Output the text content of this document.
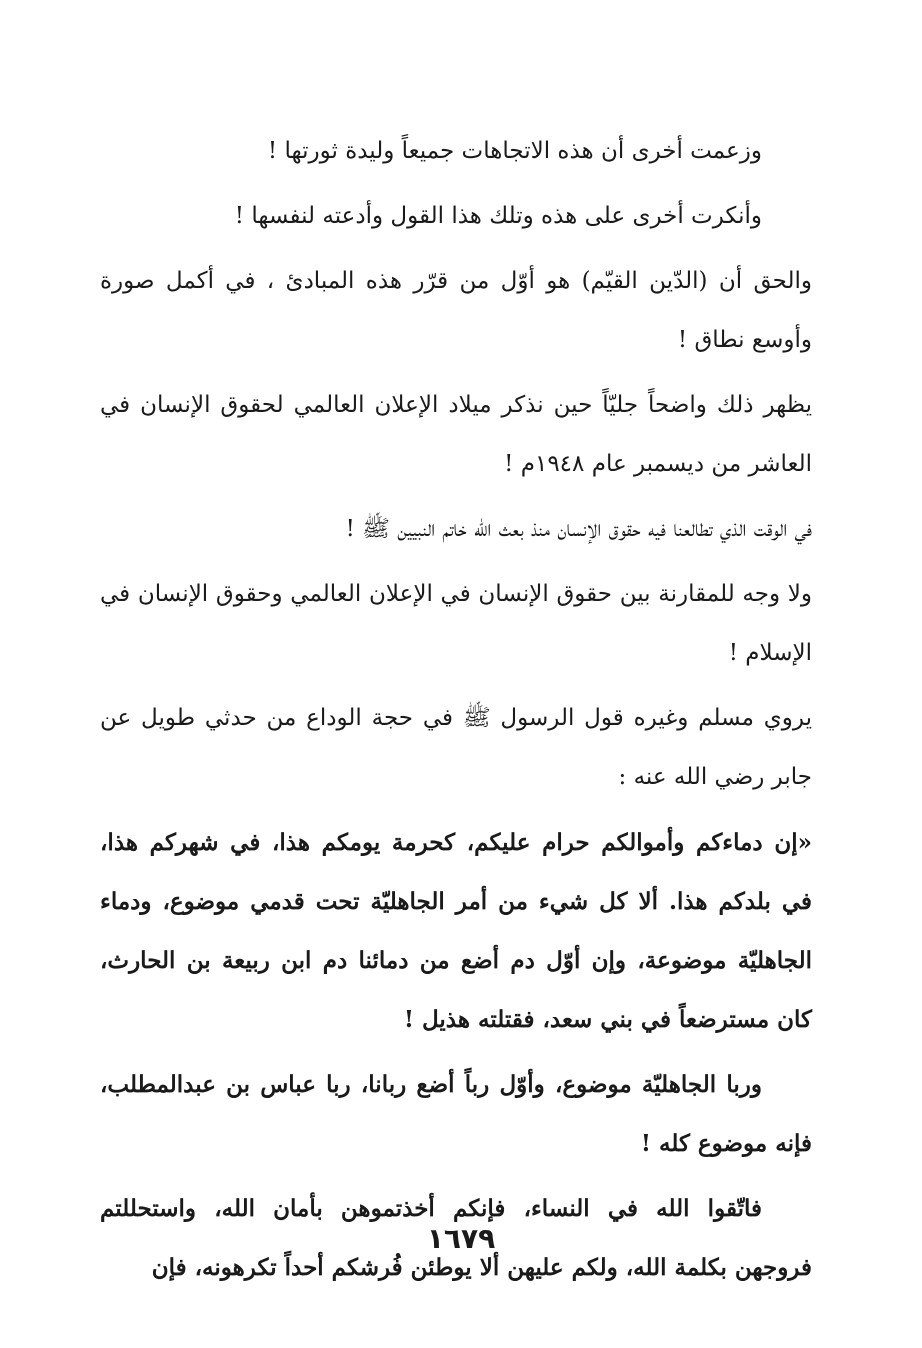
وزعمت أخرى أن هذه الاتجاهات جميعاً وليدة ثورتها !

وأنكرت أخرى على هذه وتلك هذا القول وأدعته لنفسها !

والحق أن (الدّين القيّم) هو أوّل من قرّر هذه المبادئ ، في أكمل صورة وأوسع نطاق !

يظهر ذلك واضحاً جليّاً حين نذكر ميلاد الإعلان العالمي لحقوق الإنسان في العاشر من ديسمبر عام ١٩٤٨م !

في الوقت الذي تطالعنا فيه حقوق الإنسان منذ بعث الله خاتم النبيين ﷺ !

ولا وجه للمقارنة بين حقوق الإنسان في الإعلان العالمي وحقوق الإنسان في الإسلام !

يروي مسلم وغيره قول الرسول ﷺ في حجة الوداع من حدثي طويل عن جابر رضي الله عنه :

«إن دماءكم وأموالكم حرام عليكم، كحرمة يومكم هذا، في شهركم هذا، في بلدكم هذا. ألا كل شيء من أمر الجاهليّة تحت قدمي موضوع، ودماء الجاهليّة موضوعة، وإن أوّل دم أضع من دمائنا دم ابن ربيعة بن الحارث، كان مسترضعاً في بني سعد، فقتلته هذيل !

وربا الجاهليّة موضوع، وأوّل رباً أضع ربانا، ربا عباس بن عبدالمطلب، فإنه موضوع كله !

فاتّقوا الله في النساء، فإنكم أخذتموهن بأمان الله، واستحللتم فروجهن بكلمة الله، ولكم عليهن ألا يوطئن فُرشكم أحداً تكرهونه، فإن

١٦٧٩
